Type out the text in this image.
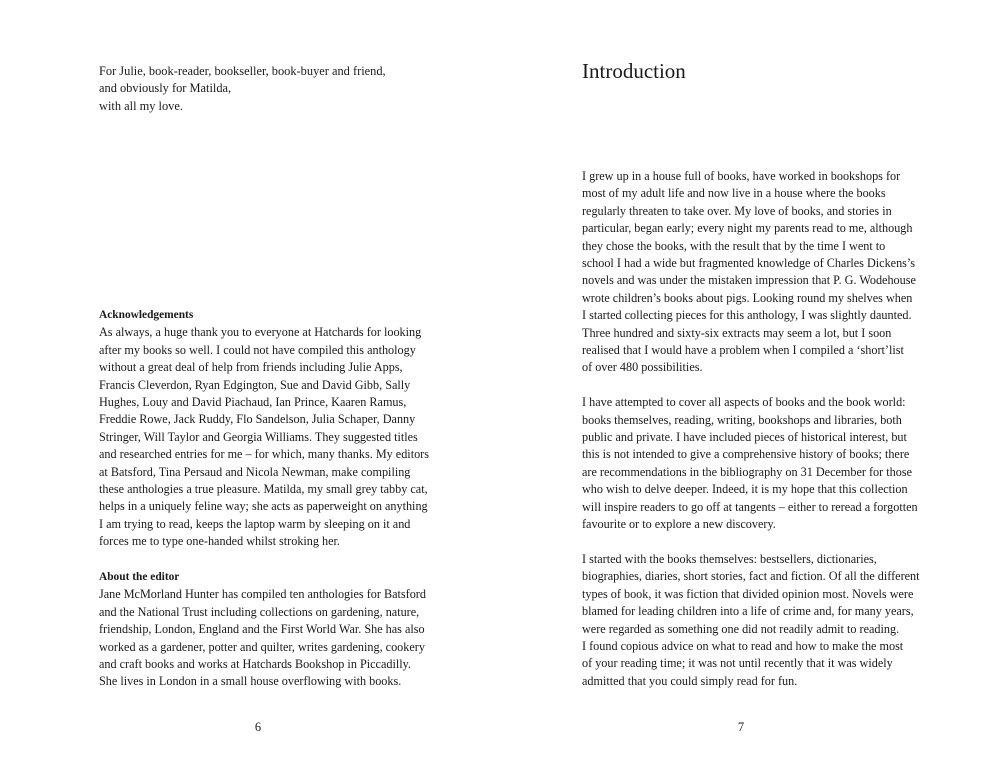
For Julie, book-reader, bookseller, book-buyer and friend,
and obviously for Matilda,
with all my love.
Acknowledgements
As always, a huge thank you to everyone at Hatchards for looking
after my books so well. I could not have compiled this anthology
without a great deal of help from friends including Julie Apps,
Francis Cleverdon, Ryan Edgington, Sue and David Gibb, Sally
Hughes, Louy and David Piachaud, Ian Prince, Kaaren Ramus,
Freddie Rowe, Jack Ruddy, Flo Sandelson, Julia Schaper, Danny
Stringer, Will Taylor and Georgia Williams. They suggested titles
and researched entries for me – for which, many thanks. My editors
at Batsford, Tina Persaud and Nicola Newman, make compiling
these anthologies a true pleasure. Matilda, my small grey tabby cat,
helps in a uniquely feline way; she acts as paperweight on anything
I am trying to read, keeps the laptop warm by sleeping on it and
forces me to type one-handed whilst stroking her.
About the editor
Jane McMorland Hunter has compiled ten anthologies for Batsford
and the National Trust including collections on gardening, nature,
friendship, London, England and the First World War. She has also
worked as a gardener, potter and quilter, writes gardening, cookery
and craft books and works at Hatchards Bookshop in Piccadilly.
She lives in London in a small house overflowing with books.
6
Introduction
I grew up in a house full of books, have worked in bookshops for
most of my adult life and now live in a house where the books
regularly threaten to take over. My love of books, and stories in
particular, began early; every night my parents read to me, although
they chose the books, with the result that by the time I went to
school I had a wide but fragmented knowledge of Charles Dickens’s
novels and was under the mistaken impression that P. G. Wodehouse
wrote children’s books about pigs. Looking round my shelves when
I started collecting pieces for this anthology, I was slightly daunted.
Three hundred and sixty-six extracts may seem a lot, but I soon
realised that I would have a problem when I compiled a ‘short’list
of over 480 possibilities.
I have attempted to cover all aspects of books and the book world:
books themselves, reading, writing, bookshops and libraries, both
public and private. I have included pieces of historical interest, but
this is not intended to give a comprehensive history of books; there
are recommendations in the bibliography on 31 December for those
who wish to delve deeper. Indeed, it is my hope that this collection
will inspire readers to go off at tangents – either to reread a forgotten
favourite or to explore a new discovery.
I started with the books themselves: bestsellers, dictionaries,
biographies, diaries, short stories, fact and fiction. Of all the different
types of book, it was fiction that divided opinion most. Novels were
blamed for leading children into a life of crime and, for many years,
were regarded as something one did not readily admit to reading.
I found copious advice on what to read and how to make the most
of your reading time; it was not until recently that it was widely
admitted that you could simply read for fun.
7
